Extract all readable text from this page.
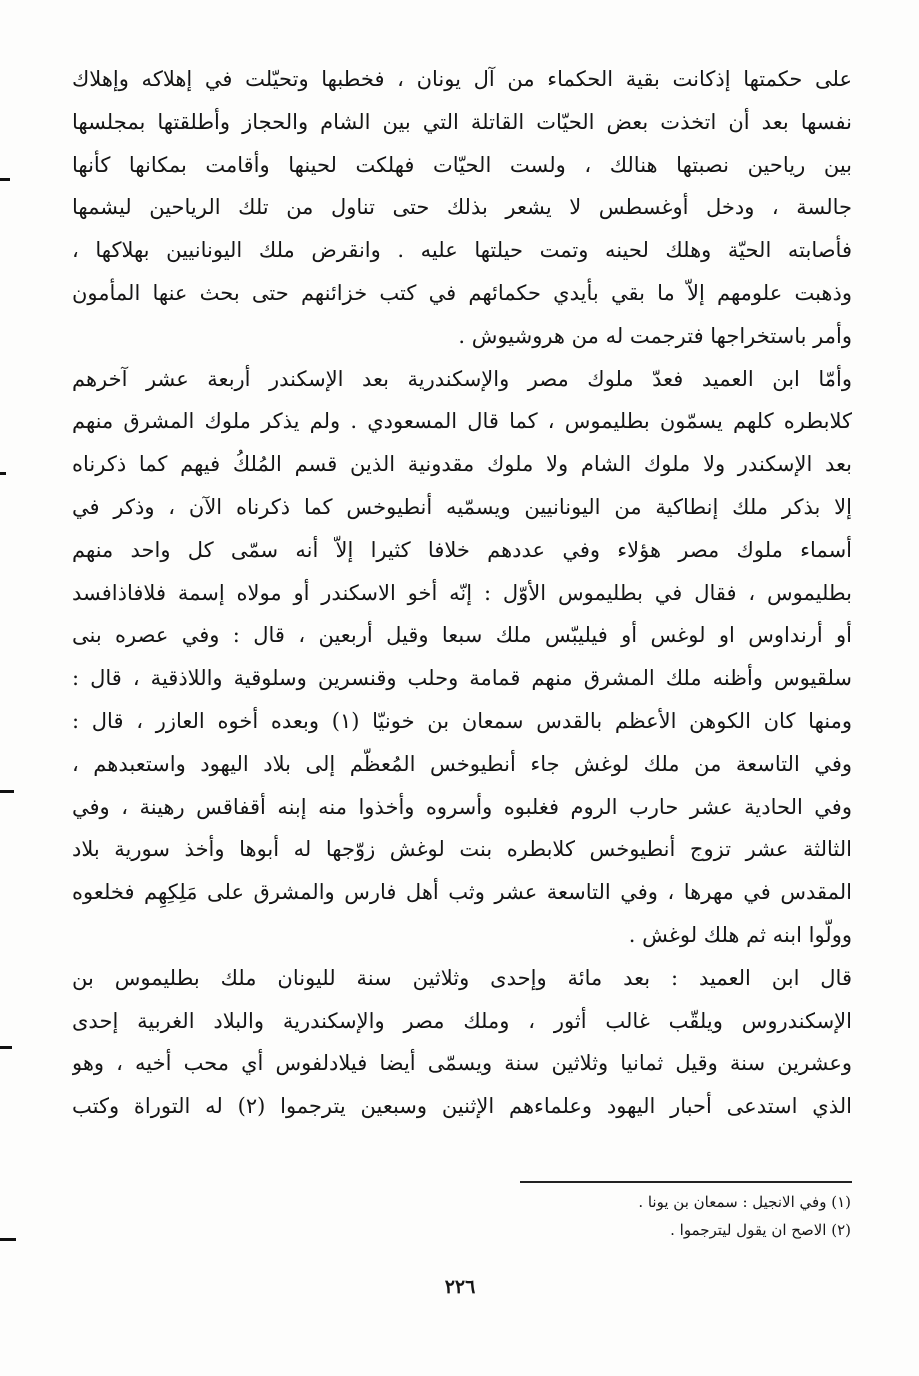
على حكمتها إذكانت بقية الحكماء من آل يونان ، فخطبها وتحيّلت في إهلاكه وإهلاك
نفسها بعد أن اتخذت بعض الحيّات القاتلة التي بين الشام والحجاز وأطلقتها بمجلسها
بين رياحين نصبتها هنالك ، ولست الحيّات فهلكت لحينها وأقامت بمكانها كأنها
جالسة ، ودخل أوغسطس لا يشعر بذلك حتى تناول من تلك الرياحين ليشمها
فأصابته الحيّة وهلك لحينه وتمت حيلتها عليه . وانقرض ملك اليونانيين بهلاكها ،
وذهبت علومهم إلاّ ما بقي بأيدي حكمائهم في كتب خزائنهم حتى بحث عنها المأمون
وأمر باستخراجها فترجمت له من هروشيوش .
وأمّا ابن العميد فعدّ ملوك مصر والإسكندرية بعد الإسكندر أربعة عشر آخرهم
كلابطره كلهم يسمّون بطليموس ، كما قال المسعودي . ولم يذكر ملوك المشرق منهم
بعد الإسكندر ولا ملوك الشام ولا ملوك مقدونية الذين قسم المُلكُ فيهم كما ذكرناه
إلا بذكر ملك إنطاكية من اليونانيين ويسمّيه أنطيوخس كما ذكرناه الآن ، وذكر في
أسماء ملوك مصر هؤلاء وفي عددهم خلافا كثيرا إلاّ أنه سمّى كل واحد منهم
بطليموس ، فقال في بطليموس الأوّل : إنّه أخو الاسكندر أو مولاه إسمة فلافاذافسد
أو أرنداوس او لوغس أو فيليبّس ملك سبعا وقيل أربعين ، قال : وفي عصره بنى
سلقيوس وأظنه ملك المشرق منهم قمامة وحلب وقنسرين وسلوقية واللاذقية ، قال :
ومنها كان الكوهن الأعظم بالقدس سمعان بن خونيّا (١) وبعده أخوه العازر ، قال :
وفي التاسعة من ملك لوغش جاء أنطيوخس المُعظّم إلى بلاد اليهود واستعبدهم ،
وفي الحادية عشر حارب الروم فغلبوه وأسروه وأخذوا منه إبنه أقفاقس رهينة ، وفي
الثالثة عشر تزوج أنطيوخس كلابطره بنت لوغش زوّجها له أبوها وأخذ سورية بلاد
المقدس في مهرها ، وفي التاسعة عشر وثب أهل فارس والمشرق على مَلِكِهِم فخلعوه
وولّوا ابنه ثم هلك لوغش .
قال ابن العميد : بعد مائة وإحدى وثلاثين سنة لليونان ملك بطليموس بن
الإسكندروس ويلقّب غالب أثور ، وملك مصر والإسكندرية والبلاد الغربية إحدى
وعشرين سنة وقيل ثمانيا وثلاثين سنة ويسمّى أيضا فيلادلفوس أي محب أخيه ، وهو
الذي استدعى أحبار اليهود وعلماءهم الإثنين وسبعين يترجموا (٢) له التوراة وكتب
(١) وفي الانجيل : سمعان بن يونا .
(٢) الاصح ان يقول ليترجموا .
٢٢٦
